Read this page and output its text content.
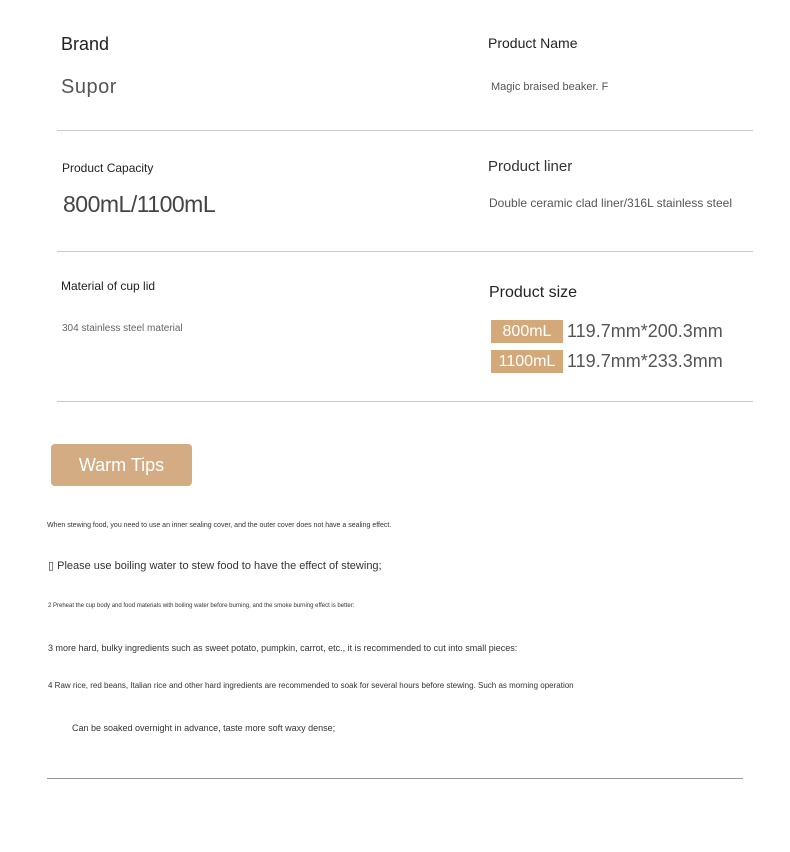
Brand
Supor
Product Name
Magic braised beaker. F
Product Capacity
800mL/1100mL
Product liner
Double ceramic clad liner/316L stainless steel
Material of cup lid
304 stainless steel material
Product size
800mL 119.7mm*200.3mm
1100mL 119.7mm*233.3mm
Warm Tips
When stewing food, you need to use an inner sealing cover, and the outer cover does not have a sealing effect.
▯ Please use boiling water to stew food to have the effect of stewing;
2 Preheat the cup body and food materials with boiling water before burning, and the smoke burning effect is better:
3 more hard, bulky ingredients such as sweet potato, pumpkin, carrot, etc., it is recommended to cut into small pieces:
4 Raw rice, red beans, Italian rice and other hard ingredients are recommended to soak for several hours before stewing. Such as morning operation
Can be soaked overnight in advance, taste more soft waxy dense;
